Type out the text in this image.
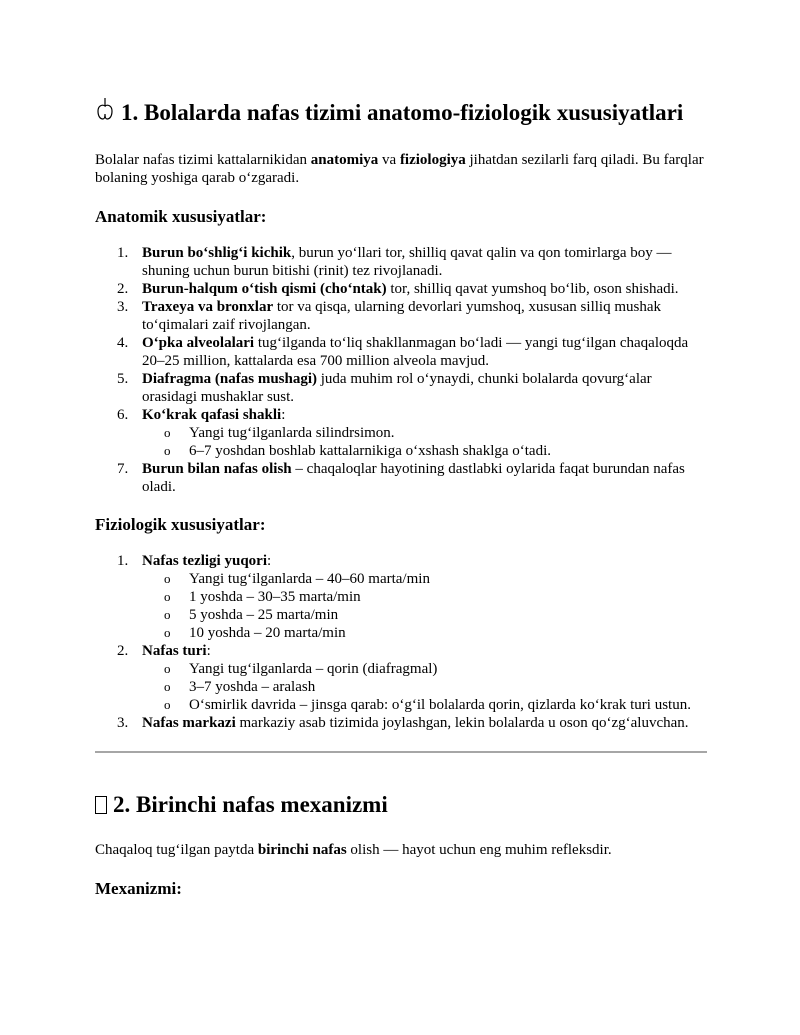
1. Bolalarda nafas tizimi anatomo-fiziologik xususiyatlari

Bolalar nafas tizimi kattalarnikidan anatomiya va fiziologiya jihatdan sezilarli farq qiladi. Bu farqlar bolaning yoshiga qarab o‘zgaradi.

Anatomik xususiyatlar:
1. Burun bo‘shlig‘i kichik, burun yo‘llari tor, shilliq qavat qalin va qon tomirlarga boy — shuning uchun burun bitishi (rinit) tez rivojlanadi.
2. Burun-halqum o‘tish qismi (cho‘ntak) tor, shilliq qavat yumshoq bo‘lib, oson shishadi.
3. Traxeya va bronxlar tor va qisqa, ularning devorlari yumshoq, xususan silliq mushak to‘qimalari zaif rivojlangan.
4. O‘pka alveolalari tug‘ilganda to‘liq shakllanmagan bo‘ladi — yangi tug‘ilgan chaqaloqda 20–25 million, kattalarda esa 700 million alveola mavjud.
5. Diafragma (nafas mushagi) juda muhim rol o‘ynaydi, chunki bolalarda qovurg‘alar orasidagi mushaklar sust.
6. Ko‘krak qafasi shakli:
o Yangi tug‘ilganlarda silindrsimon.
o 6–7 yoshdan boshlab kattalarnikiga o‘xshash shaklga o‘tadi.
7. Burun bilan nafas olish – chaqaloqlar hayotining dastlabki oylarida faqat burundan nafas oladi.
Fiziologik xususiyatlar:
1. Nafas tezligi yuqori:
o Yangi tug‘ilganlarda – 40–60 marta/min
o 1 yoshda – 30–35 marta/min
o 5 yoshda – 25 marta/min
o 10 yoshda – 20 marta/min
2. Nafas turi:
o Yangi tug‘ilganlarda – qorin (diafragmal)
o 3–7 yoshda – aralash
o O‘smirlik davrida – jinsga qarab: o‘g‘il bolalarda qorin, qizlarda ko‘krak turi ustun.
3. Nafas markazi markaziy asab tizimida joylashgan, lekin bolalarda u oson qo‘zg‘aluvchan.
2. Birinchi nafas mexanizmi

Chaqaloq tug‘ilgan paytda birinchi nafas olish — hayot uchun eng muhim refleksdir.

Mexanizmi:
